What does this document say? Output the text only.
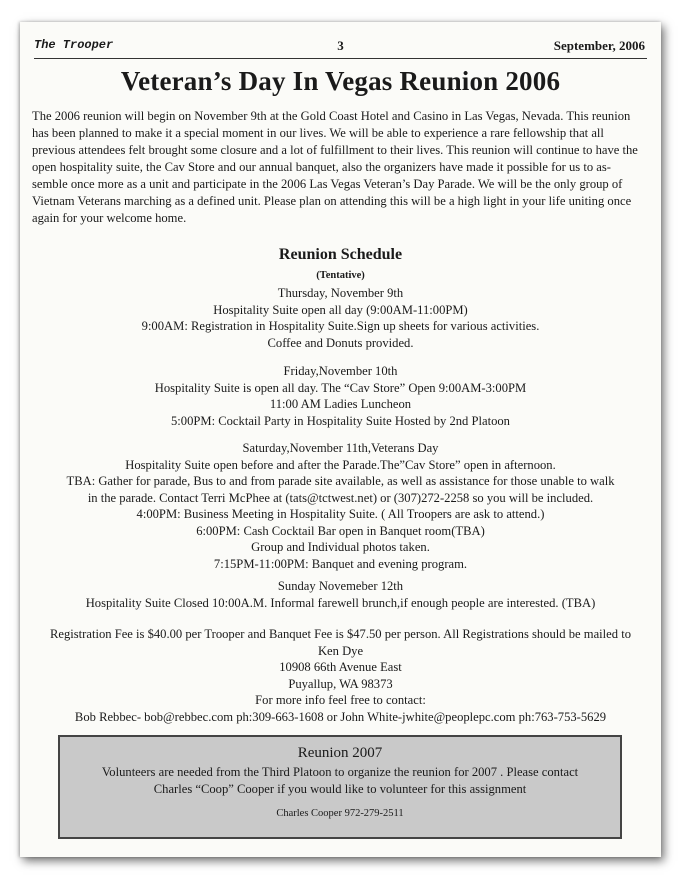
The Trooper	3	September, 2006
Veteran’s Day In Vegas Reunion 2006
The 2006 reunion will begin on November 9th at the Gold Coast Hotel and Casino in Las Vegas, Nevada. This reunion
has been planned to make it a special moment in our lives. We will be able to experience a rare fellowship that all
previous attendees felt brought some closure and a lot of fulfillment to their lives. This reunion will continue to have the
open hospitality suite, the Cav Store and our annual banquet, also the organizers have made it possible for us to as-
semble once more as a unit and participate in the 2006 Las Vegas Veteran’s Day Parade. We will be the only group of
Vietnam Veterans marching as a defined unit. Please plan on attending this will be a high light in your life uniting once
again for your welcome home.
Reunion Schedule
(Tentative)
Thursday, November 9th
Hospitality Suite open all day (9:00AM-11:00PM)
9:00AM: Registration in Hospitality Suite.Sign up sheets for various activities.
Coffee and Donuts provided.
Friday,November 10th
Hospitality Suite is open all day. The “Cav Store” Open 9:00AM-3:00PM
11:00 AM Ladies Luncheon
5:00PM: Cocktail Party in Hospitality Suite Hosted by 2nd Platoon
Saturday,November 11th,Veterans Day
Hospitality Suite open before and after the Parade.The”Cav Store” open in afternoon.
TBA: Gather for parade, Bus to and from parade site available, as well as assistance for those unable to walk
in the parade. Contact Terri McPhee at (tats@tctwest.net) or (307)272-2258 so you will be included.
4:00PM: Business Meeting in Hospitality Suite. ( All Troopers are ask to attend.)
6:00PM: Cash Cocktail Bar open in Banquet room(TBA)
Group and Individual photos taken.
7:15PM-11:00PM: Banquet and evening program.
Sunday Novemeber 12th
Hospitality Suite Closed 10:00A.M. Informal farewell brunch,if enough people are interested. (TBA)
Registration Fee is $40.00 per Trooper and Banquet Fee is $47.50 per person. All Registrations should be mailed to
Ken Dye
10908 66th Avenue East
Puyallup, WA 98373
For more info feel free to contact:
Bob Rebbec- bob@rebbec.com ph:309-663-1608 or John White-jwhite@peoplepc.com ph:763-753-5629
Reunion 2007
Volunteers are needed from the Third Platoon to organize the reunion for 2007 . Please contact
Charles “Coop” Cooper if you would like to volunteer for this assignment
Charles Cooper 972-279-2511
